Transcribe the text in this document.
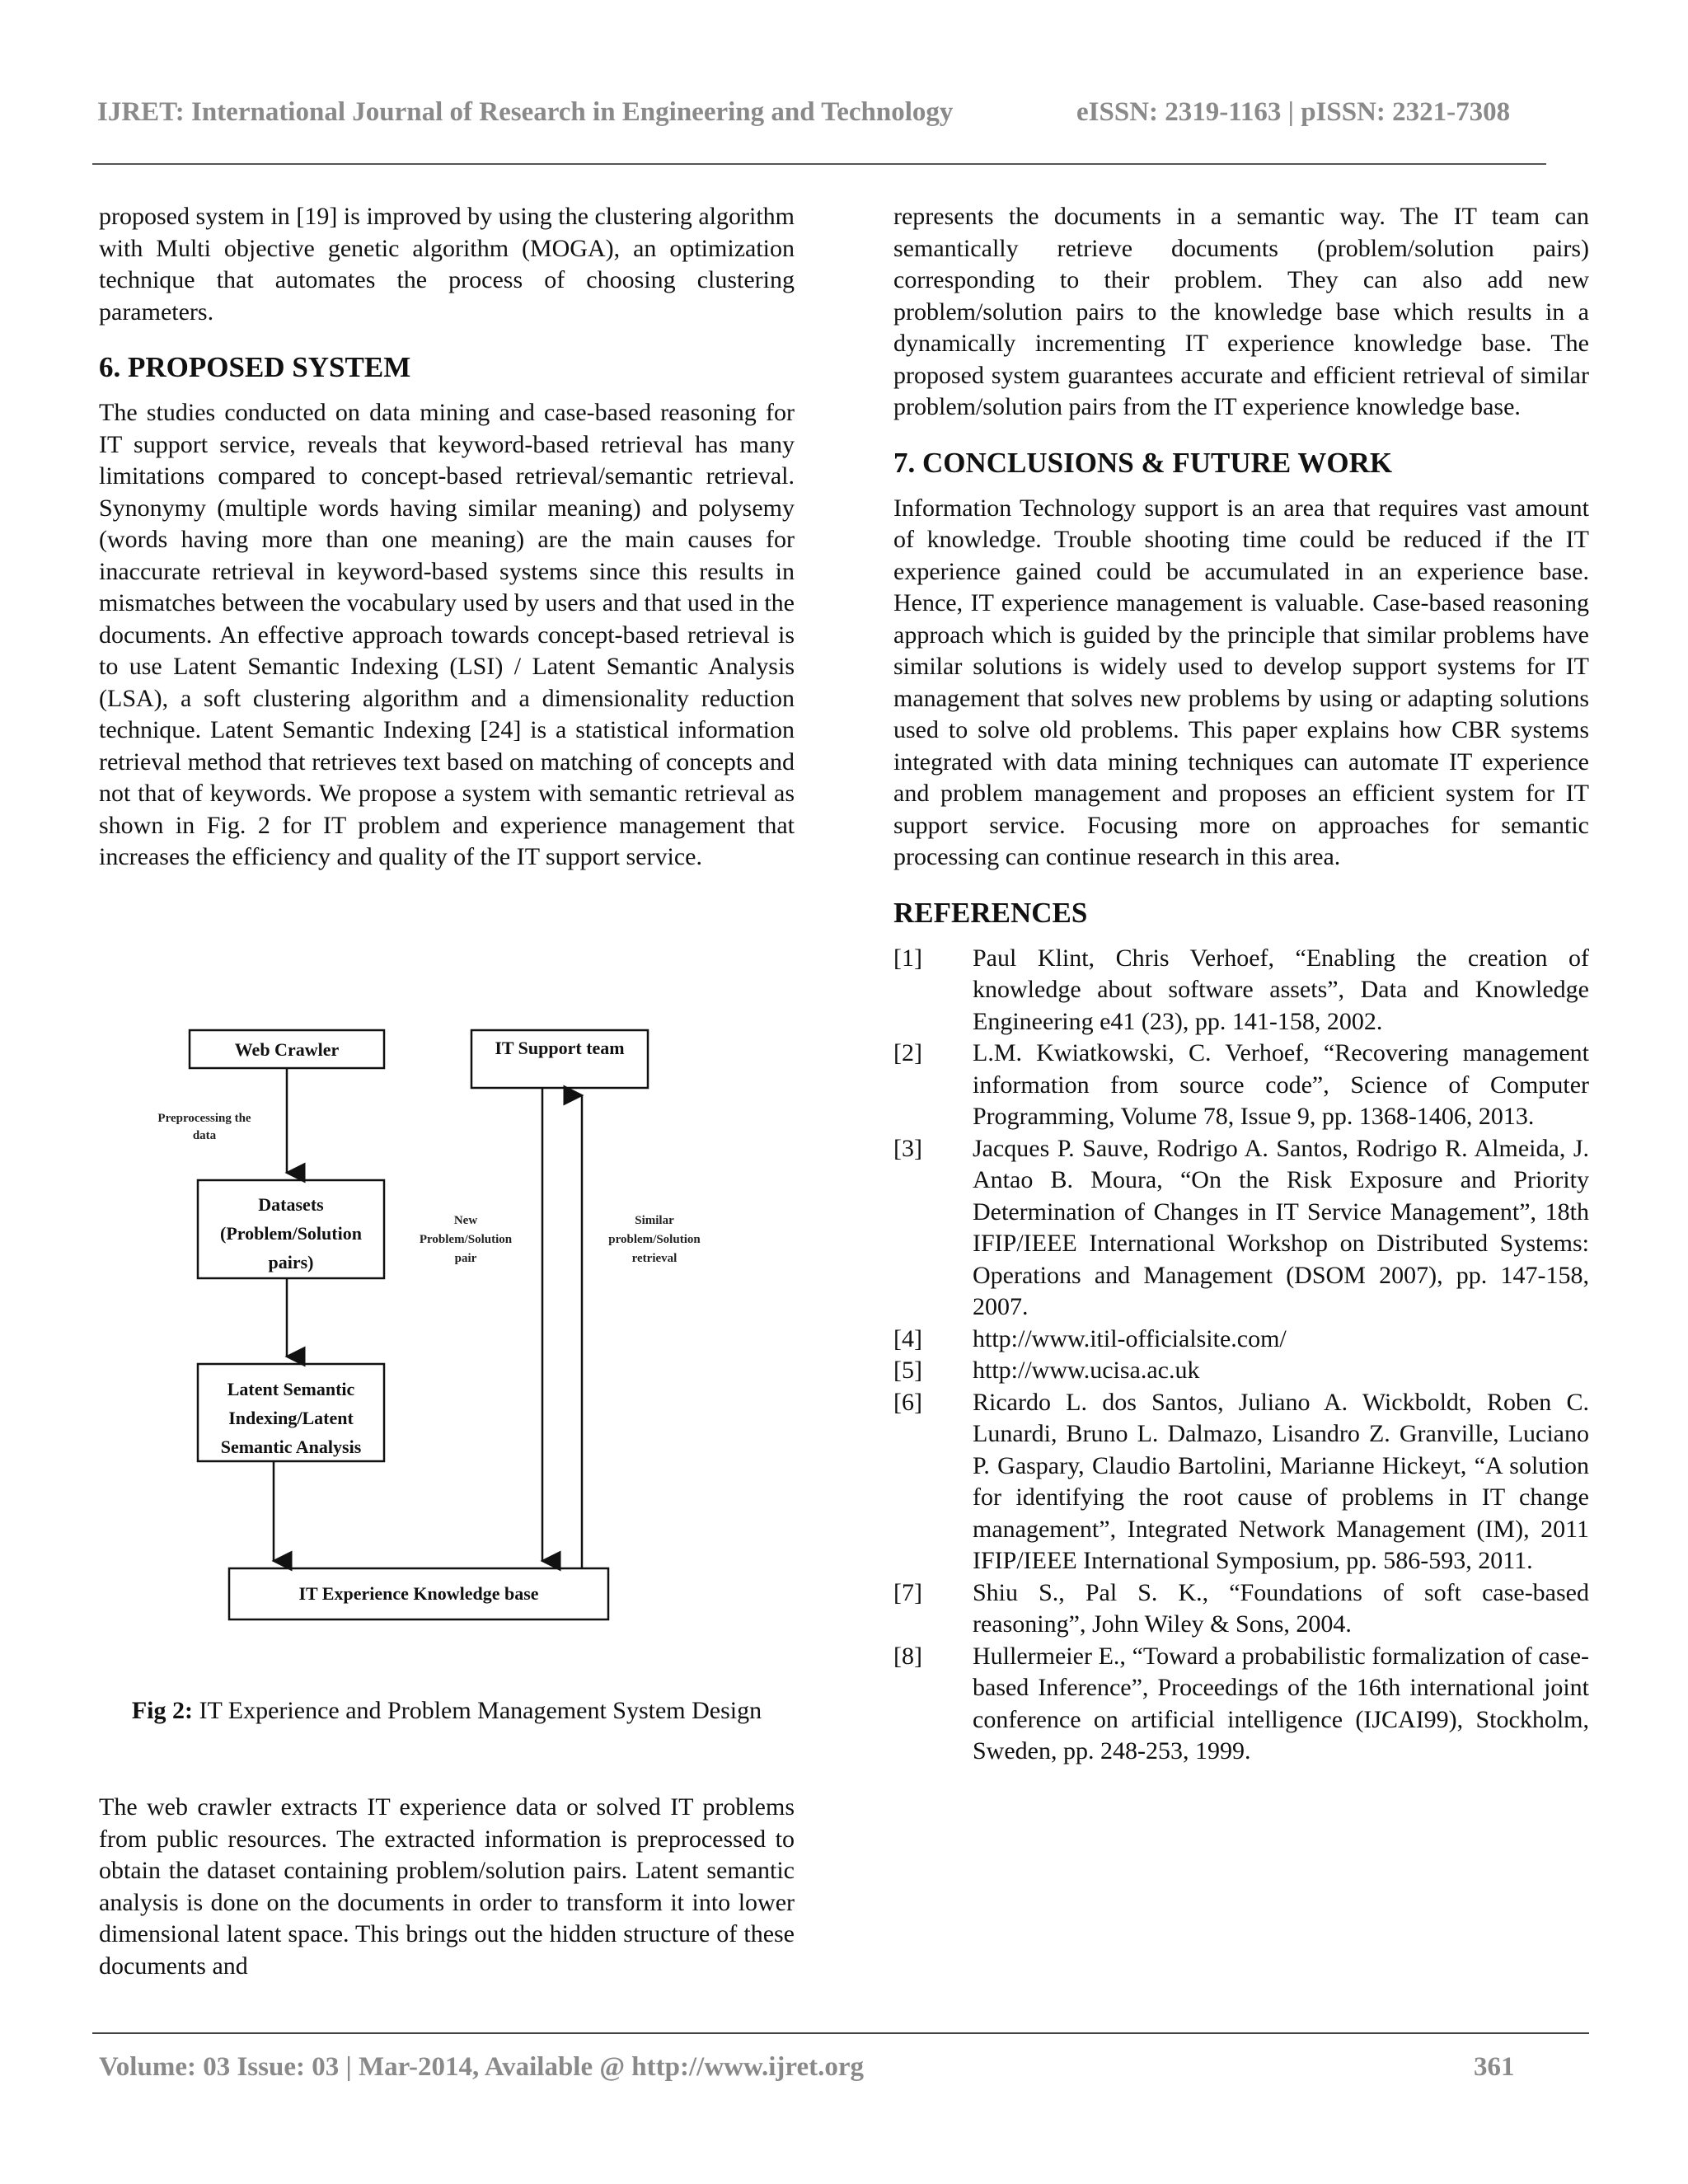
IJRET: International Journal of Research in Engineering and Technology	eISSN: 2319-1163 | pISSN: 2321-7308

proposed system in [19] is improved by using the clustering algorithm with Multi objective genetic algorithm (MOGA), an optimization technique that automates the process of choosing clustering parameters.

6. PROPOSED SYSTEM

The studies conducted on data mining and case-based reasoning for IT support service, reveals that keyword-based retrieval has many limitations compared to concept-based retrieval/semantic retrieval. Synonymy (multiple words having similar meaning) and polysemy (words having more than one meaning) are the main causes for inaccurate retrieval in keyword-based systems since this results in mismatches between the vocabulary used by users and that used in the documents. An effective approach towards concept-based retrieval is to use Latent Semantic Indexing (LSI) / Latent Semantic Analysis (LSA), a soft clustering algorithm and a dimensionality reduction technique. Latent Semantic Indexing [24] is a statistical information retrieval method that retrieves text based on matching of concepts and not that of keywords. We propose a system with semantic retrieval as shown in Fig. 2 for IT problem and experience management that increases the efficiency and quality of the IT support service.

Web Crawler	IT Support team
Preprocessing the
data
Datasets
(Problem/Solution
pairs)
Latent Semantic
Indexing/Latent
Semantic Analysis
New
Problem/Solution
pair
Similar
problem/Solution
retrieval
IT Experience Knowledge base
Fig 2: IT Experience and Problem Management System Design

The web crawler extracts IT experience data or solved IT problems from public resources. The extracted information is preprocessed to obtain the dataset containing problem/solution pairs. Latent semantic analysis is done on the documents in order to transform it into lower dimensional latent space. This brings out the hidden structure of these documents and

represents the documents in a semantic way. The IT team can semantically retrieve documents (problem/solution pairs) corresponding to their problem. They can also add new problem/solution pairs to the knowledge base which results in a dynamically incrementing IT experience knowledge base. The proposed system guarantees accurate and efficient retrieval of similar problem/solution pairs from the IT experience knowledge base.

7. CONCLUSIONS & FUTURE WORK

Information Technology support is an area that requires vast amount of knowledge. Trouble shooting time could be reduced if the IT experience gained could be accumulated in an experience base. Hence, IT experience management is valuable. Case-based reasoning approach which is guided by the principle that similar problems have similar solutions is widely used to develop support systems for IT management that solves new problems by using or adapting solutions used to solve old problems. This paper explains how CBR systems integrated with data mining techniques can automate IT experience and problem management and proposes an efficient system for IT support service. Focusing more on approaches for semantic processing can continue research in this area.

REFERENCES
[1] Paul Klint, Chris Verhoef, “Enabling the creation of knowledge about software assets”, Data and Knowledge Engineering e41 (23), pp. 141-158, 2002.
[2] L.M. Kwiatkowski, C. Verhoef, “Recovering management information from source code”, Science of Computer Programming, Volume 78, Issue 9, pp. 1368-1406, 2013.
[3] Jacques P. Sauve, Rodrigo A. Santos, Rodrigo R. Almeida, J. Antao B. Moura, “On the Risk Exposure and Priority Determination of Changes in IT Service Management”, 18th IFIP/IEEE International Workshop on Distributed Systems: Operations and Management (DSOM 2007), pp. 147-158, 2007.
[4] http://www.itil-officialsite.com/
[5] http://www.ucisa.ac.uk
[6] Ricardo L. dos Santos, Juliano A. Wickboldt, Roben C. Lunardi, Bruno L. Dalmazo, Lisandro Z. Granville, Luciano P. Gaspary, Claudio Bartolini, Marianne Hickeyt, “A solution for identifying the root cause of problems in IT change management”, Integrated Network Management (IM), 2011 IFIP/IEEE International Symposium, pp. 586-593, 2011.
[7] Shiu S., Pal S. K., “Foundations of soft case-based reasoning”, John Wiley & Sons, 2004.
[8] Hullermeier E., “Toward a probabilistic formalization of case-based Inference”, Proceedings of the 16th international joint conference on artificial intelligence (IJCAI99), Stockholm, Sweden, pp. 248-253, 1999.
Volume: 03 Issue: 03 | Mar-2014, Available @ http://www.ijret.org	361
